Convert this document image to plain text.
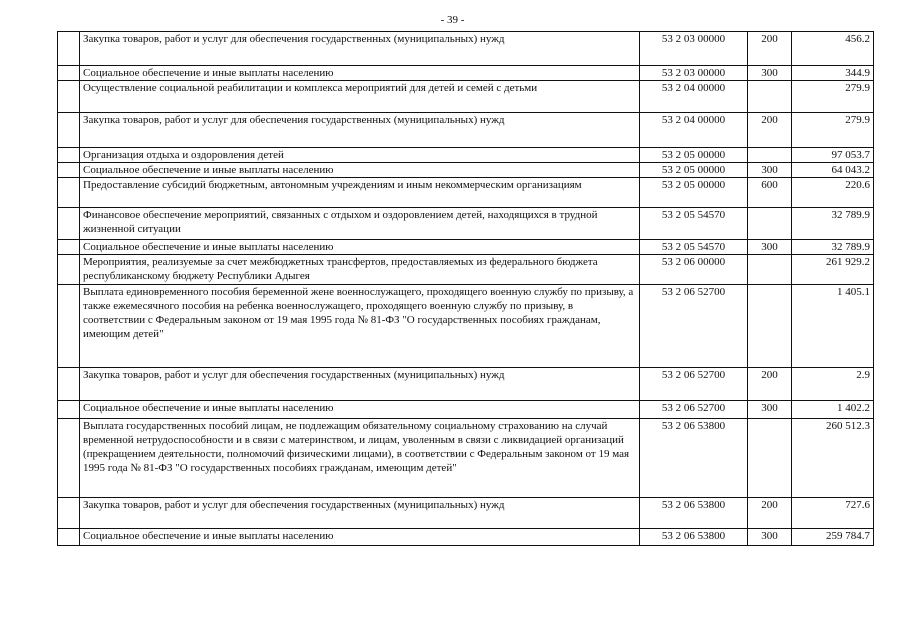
- 39 -
	Закупка товаров, работ и услуг для обеспечения государственных (муниципальных) нужд	53 2 03 00000	200	456.2
	Социальное обеспечение и иные выплаты населению	53 2 03 00000	300	344.9
	Осуществление социальной реабилитации и комплекса мероприятий для детей и семей с детьми	53 2 04 00000		279.9
	Закупка товаров, работ и услуг для обеспечения государственных (муниципальных) нужд	53 2 04 00000	200	279.9
	Организация отдыха и оздоровления детей	53 2 05 00000		97 053.7
	Социальное обеспечение и иные выплаты населению	53 2 05 00000	300	64 043.2
	Предоставление субсидий бюджетным, автономным учреждениям и иным некоммерческим организациям	53 2 05 00000	600	220.6
	Финансовое обеспечение мероприятий, связанных с отдыхом и оздоровлением детей, находящихся в трудной жизненной ситуации	53 2 05 54570		32 789.9
	Социальное обеспечение и иные выплаты населению	53 2 05 54570	300	32 789.9
	Мероприятия, реализуемые за счет межбюджетных трансфертов, предоставляемых из федерального бюджета республиканскому бюджету Республики Адыгея	53 2 06 00000		261 929.2
	Выплата единовременного пособия беременной жене военнослужащего, проходящего военную службу по призыву, а также ежемесячного пособия на ребенка военнослужащего, проходящего военную службу по призыву, в соответствии с Федеральным законом от 19 мая 1995 года № 81-ФЗ "О государственных пособиях гражданам, имеющим детей"	53 2 06 52700		1 405.1
	Закупка товаров, работ и услуг для обеспечения государственных (муниципальных) нужд	53 2 06 52700	200	2.9
	Социальное обеспечение и иные выплаты населению	53 2 06 52700	300	1 402.2
	Выплата государственных пособий лицам, не подлежащим обязательному социальному страхованию на случай временной нетрудоспособности и в связи с материнством, и лицам, уволенным в связи с ликвидацией организаций (прекращением деятельности, полномочий физическими лицами), в соответствии с Федеральным законом от 19 мая 1995 года № 81-ФЗ "О государственных пособиях гражданам, имеющим детей"	53 2 06 53800		260 512.3
	Закупка товаров, работ и услуг для обеспечения государственных (муниципальных) нужд	53 2 06 53800	200	727.6
	Социальное обеспечение и иные выплаты населению	53 2 06 53800	300	259 784.7
